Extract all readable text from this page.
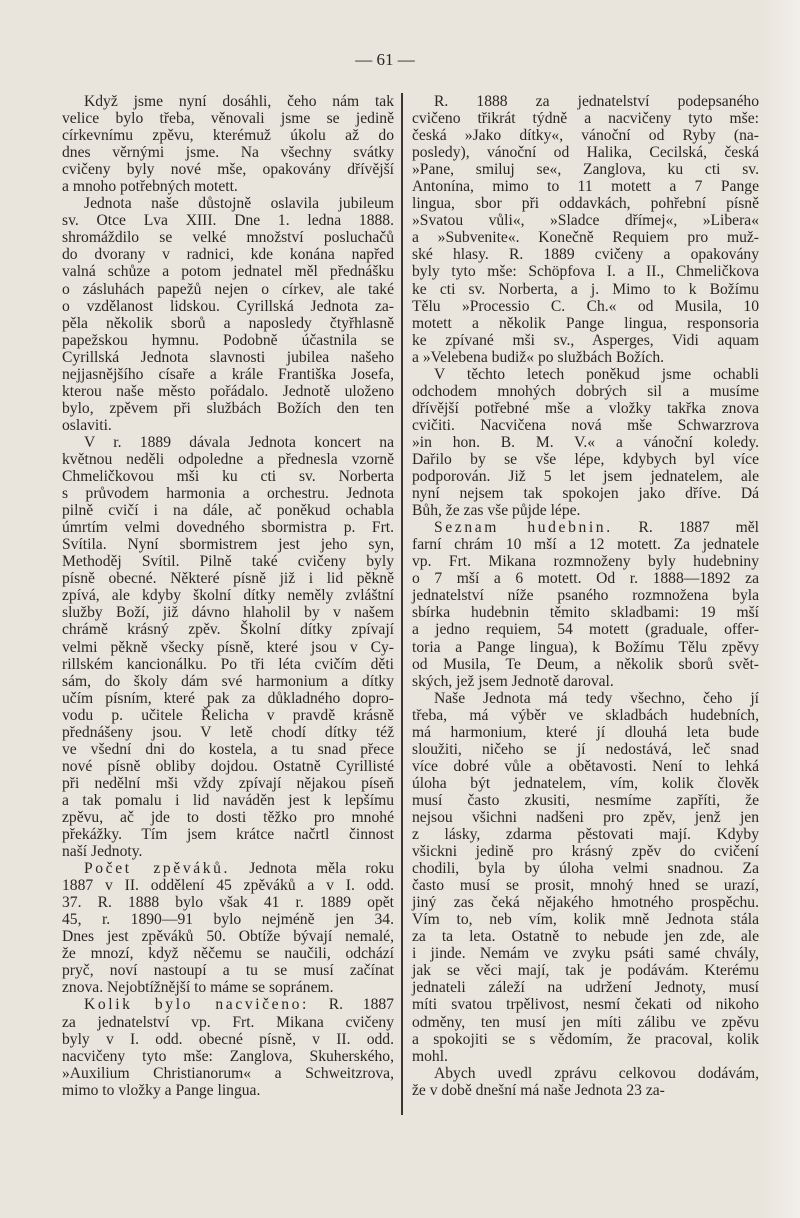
— 61 —
Když jsme nyní dosáhli, čeho nám tak
velice bylo třeba, věnovali jsme se jedině
církevnímu zpěvu, kterémuž úkolu až do
dnes věrnými jsme. Na všechny svátky
cvičeny byly nové mše, opakovány dřívější
a mnoho potřebných motett.
Jednota naše důstojně oslavila jubileum
sv. Otce Lva XIII. Dne 1. ledna 1888.
shromáždilo se velké množství posluchačů
do dvorany v radnici, kde konána napřed
valná schůze a potom jednatel měl přednášku
o zásluhách papežů nejen o církev, ale také
o vzdělanost lidskou. Cyrillská Jednota za-
pěla několik sborů a naposledy čtyřhlasně
papežskou hymnu. Podobně účastnila se
Cyrillská Jednota slavnosti jubilea našeho
nejjasnějšího císaře a krále Františka Josefa,
kterou naše město pořádalo. Jednotě uloženo
bylo, zpěvem při službách Božích den ten
oslaviti.
V r. 1889 dávala Jednota koncert na
květnou neděli odpoledne a přednesla vzorně
Chmeličkovou mši ku cti sv. Norberta
s průvodem harmonia a orchestru. Jednota
pilně cvičí i na dále, ač poněkud ochabla
úmrtím velmi dovedného sbormistra p. Frt.
Svítila. Nyní sbormistrem jest jeho syn,
Methoděj Svítil. Pilně také cvičeny byly
písně obecné. Některé písně již i lid pěkně
zpívá, ale kdyby školní dítky neměly zvláštní
služby Boží, již dávno hlaholil by v našem
chrámě krásný zpěv. Školní dítky zpívají
velmi pěkně všecky písně, které jsou v Cy-
rillském kancionálku. Po tři léta cvičím děti
sám, do školy dám své harmonium a dítky
učím písním, které pak za důkladného dopro-
vodu p. učitele Řelicha v pravdě krásně
přednášeny jsou. V letě chodí dítky též
ve všední dni do kostela, a tu snad přece
nové písně obliby dojdou. Ostatně Cyrillisté
při nedělní mši vždy zpívají nějakou píseň
a tak pomalu i lid naváděn jest k lepšímu
zpěvu, ač jde to dosti těžko pro mnohé
překážky. Tím jsem krátce načrtl činnost
naší Jednoty.
Počet zpěváků. Jednota měla roku
1887 v II. oddělení 45 zpěváků a v I. odd.
37. R. 1888 bylo však 41 r. 1889 opět
45, r. 1890—91 bylo nejméně jen 34.
Dnes jest zpěváků 50. Obtíže bývají nemalé,
že mnozí, když něčemu se naučili, odchází
pryč, noví nastoupí a tu se musí začínat
znova. Nejobtížnější to máme se sopránem.
Kolik bylo nacvičeno: R. 1887
za jednatelství vp. Frt. Mikana cvičeny
byly v I. odd. obecné písně, v II. odd.
nacvičeny tyto mše: Zanglova, Skuherského,
»Auxilium Christianorum« a Schweitzrova,
mimo to vložky a Pange lingua.
R. 1888 za jednatelství podepsaného
cvičeno třikrát týdně a nacvičeny tyto mše:
česká »Jako dítky«, vánoční od Ryby (na-
posledy), vánoční od Halika, Cecilská, česká
»Pane, smiluj se«, Zanglova, ku cti sv.
Antonína, mimo to 11 motett a 7 Pange
lingua, sbor při oddavkách, pohřební písně
»Svatou vůli«, »Sladce dřímej«, »Libera«
a »Subvenite«. Konečně Requiem pro muž-
ské hlasy. R. 1889 cvičeny a opakovány
byly tyto mše: Schöpfova I. a II., Chmeličkova
ke cti sv. Norberta, a j. Mimo to k Božímu
Tělu »Processio C. Ch.« od Musila, 10
motett a několik Pange lingua, responsoria
ke zpívané mši sv., Asperges, Vidi aquam
a »Velebena budiž« po službách Božích.
V těchto letech poněkud jsme ochabli
odchodem mnohých dobrých sil a musíme
dřívější potřebné mše a vložky takřka znova
cvičiti. Nacvičena nová mše Schwarzrova
»in hon. B. M. V.« a vánoční koledy.
Dařilo by se vše lépe, kdybych byl více
podporován. Již 5 let jsem jednatelem, ale
nyní nejsem tak spokojen jako dříve. Dá
Bůh, že zas vše půjde lépe.
Seznam hudebnin. R. 1887 měl
farní chrám 10 mší a 12 motett. Za jednatele
vp. Frt. Mikana rozmnoženy byly hudebniny
o 7 mší a 6 motett. Od r. 1888—1892 za
jednatelství níže psaného rozmnožena byla
sbírka hudebnin těmito skladbami: 19 mší
a jedno requiem, 54 motett (graduale, offer-
toria a Pange lingua), k Božímu Tělu zpěvy
od Musila, Te Deum, a několik sborů svět-
ských, jež jsem Jednotě daroval.
Naše Jednota má tedy všechno, čeho jí
třeba, má výběr ve skladbách hudebních,
má harmonium, které jí dlouhá leta bude
sloužiti, ničeho se jí nedostává, leč snad
více dobré vůle a obětavosti. Není to lehká
úloha být jednatelem, vím, kolik člověk
musí často zkusiti, nesmíme zapříti, že
nejsou všichni nadšeni pro zpěv, jenž jen
z lásky, zdarma pěstovati mají. Kdyby
všickni jedině pro krásný zpěv do cvičení
chodili, byla by úloha velmi snadnou. Za
často musí se prosit, mnohý hned se urazí,
jiný zas čeká nějakého hmotného prospěchu.
Vím to, neb vím, kolik mně Jednota stála
za ta leta. Ostatně to nebude jen zde, ale
i jinde. Nemám ve zvyku psáti samé chvály,
jak se věci mají, tak je podávám. Kterému
jednateli záleží na udržení Jednoty, musí
míti svatou trpělivost, nesmí čekati od nikoho
odměny, ten musí jen míti zálibu ve zpěvu
a spokojiti se s vědomím, že pracoval, kolik
mohl.
Abych uvedl zprávu celkovou dodávám,
že v době dnešní má naše Jednota 23 za-
